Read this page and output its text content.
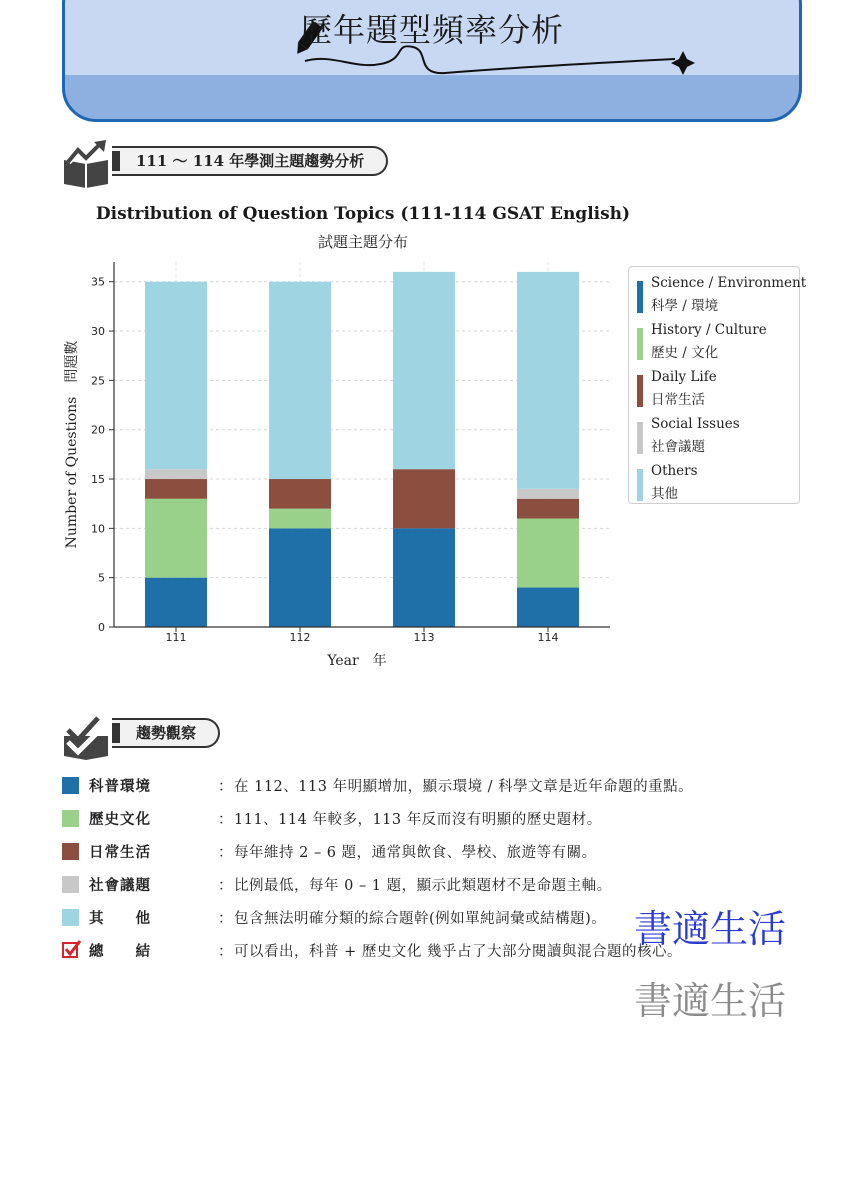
歷年題型頻率分析
111 ～ 114 年學測主題趨勢分析
Distribution of Question Topics (111-114 GSAT English)
試題主題分布
0
5
10
15
20
25
30
35
111	112	113	114
Year　年
Number of Questions　問題數
Science / Environment
科學 / 環境
History / Culture
歷史 / 文化
Daily Life
日常生活
Social Issues
社會議題
Others
其他
趨勢觀察
科普環境	： 在 112、113 年明顯增加，顯示環境 / 科學文章是近年命題的重點。
歷史文化	： 111、114 年較多，113 年反而沒有明顯的歷史題材。
日常生活	： 每年維持 2 – 6 題，通常與飲食、學校、旅遊等有關。
社會議題	： 比例最低，每年 0 – 1 題，顯示此類題材不是命題主軸。
其　　他	： 包含無法明確分類的綜合題幹(例如單純詞彙或結構題)。
總　　結	： 可以看出，科普 + 歷史文化 幾乎占了大部分閱讀與混合題的核心。
書適生活
書適生活
